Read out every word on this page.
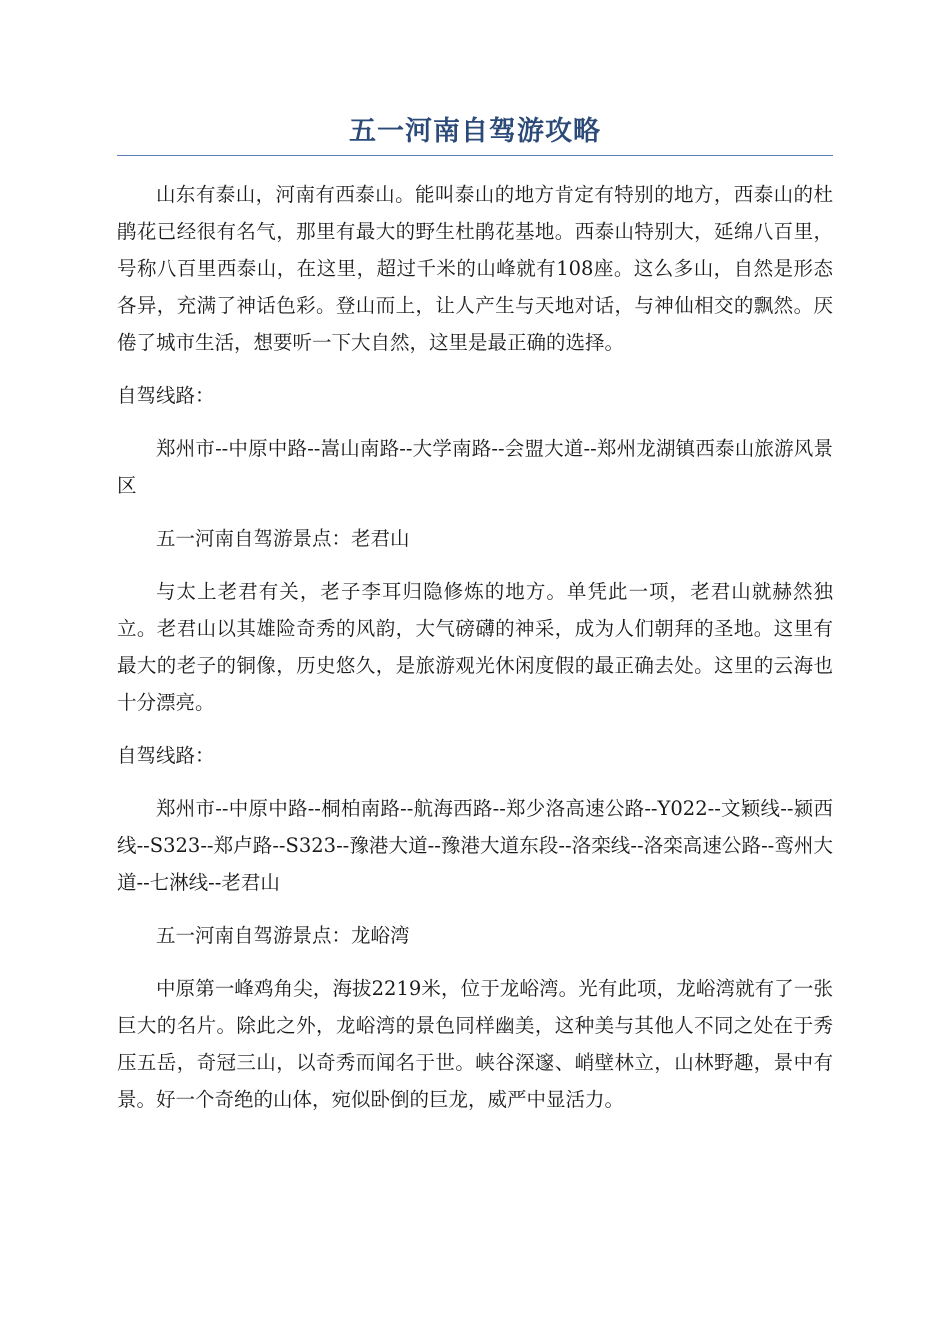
五一河南自驾游攻略

山东有泰山，河南有西泰山。能叫泰山的地方肯定有特别的地方，西泰山的杜鹃花已经很有名气，那里有最大的野生杜鹃花基地。西泰山特别大，延绵八百里，号称八百里西泰山，在这里，超过千米的山峰就有108座。这么多山，自然是形态各异，充满了神话色彩。登山而上，让人产生与天地对话，与神仙相交的飘然。厌倦了城市生活，想要听一下大自然，这里是最正确的选择。

自驾线路：

郑州市--中原中路--嵩山南路--大学南路--会盟大道--郑州龙湖镇西泰山旅游风景区

五一河南自驾游景点：老君山

与太上老君有关，老子李耳归隐修炼的地方。单凭此一项，老君山就赫然独立。老君山以其雄险奇秀的风韵，大气磅礴的神采，成为人们朝拜的圣地。这里有最大的老子的铜像，历史悠久，是旅游观光休闲度假的最正确去处。这里的云海也十分漂亮。

自驾线路：

郑州市--中原中路--桐柏南路--航海西路--郑少洛高速公路--Y022--文颖线--颍西线--S323--郑卢路--S323--豫港大道--豫港大道东段--洛栾线--洛栾高速公路--鸾州大道--七淋线--老君山

五一河南自驾游景点：龙峪湾

中原第一峰鸡角尖，海拔2219米，位于龙峪湾。光有此项，龙峪湾就有了一张巨大的名片。除此之外，龙峪湾的景色同样幽美，这种美与其他人不同之处在于秀压五岳，奇冠三山，以奇秀而闻名于世。峡谷深邃、峭壁林立，山林野趣，景中有景。好一个奇绝的山体，宛似卧倒的巨龙，威严中显活力。
